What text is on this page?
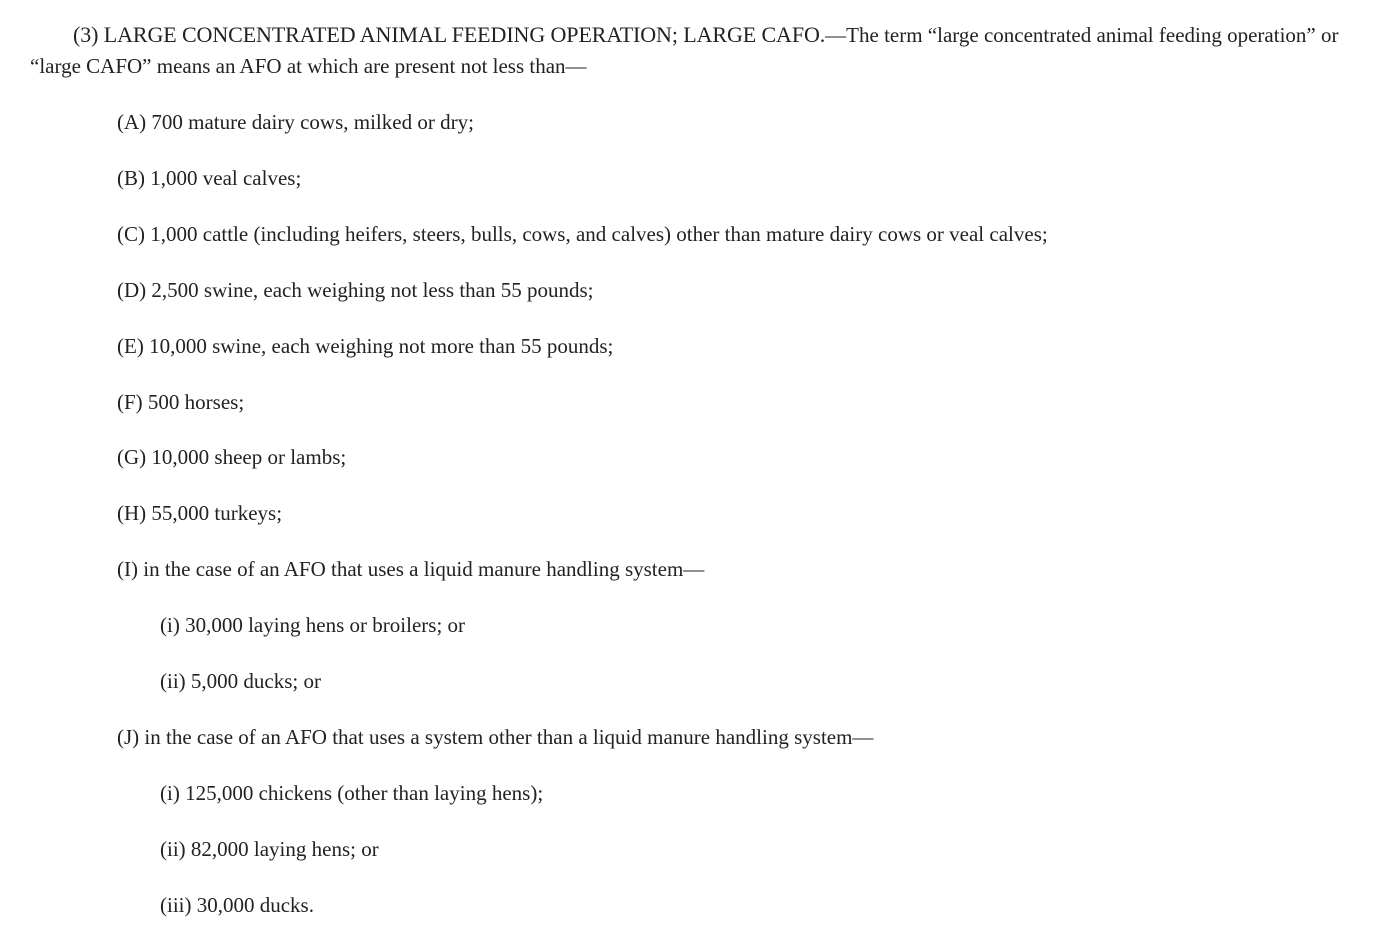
(3) LARGE CONCENTRATED ANIMAL FEEDING OPERATION; LARGE CAFO.—The term “large concentrated animal feeding operation” or “large CAFO” means an AFO at which are present not less than—

(A) 700 mature dairy cows, milked or dry;

(B) 1,000 veal calves;

(C) 1,000 cattle (including heifers, steers, bulls, cows, and calves) other than mature dairy cows or veal calves;

(D) 2,500 swine, each weighing not less than 55 pounds;

(E) 10,000 swine, each weighing not more than 55 pounds;

(F) 500 horses;

(G) 10,000 sheep or lambs;

(H) 55,000 turkeys;

(I) in the case of an AFO that uses a liquid manure handling system—

(i) 30,000 laying hens or broilers; or

(ii) 5,000 ducks; or

(J) in the case of an AFO that uses a system other than a liquid manure handling system—

(i) 125,000 chickens (other than laying hens);

(ii) 82,000 laying hens; or

(iii) 30,000 ducks.
